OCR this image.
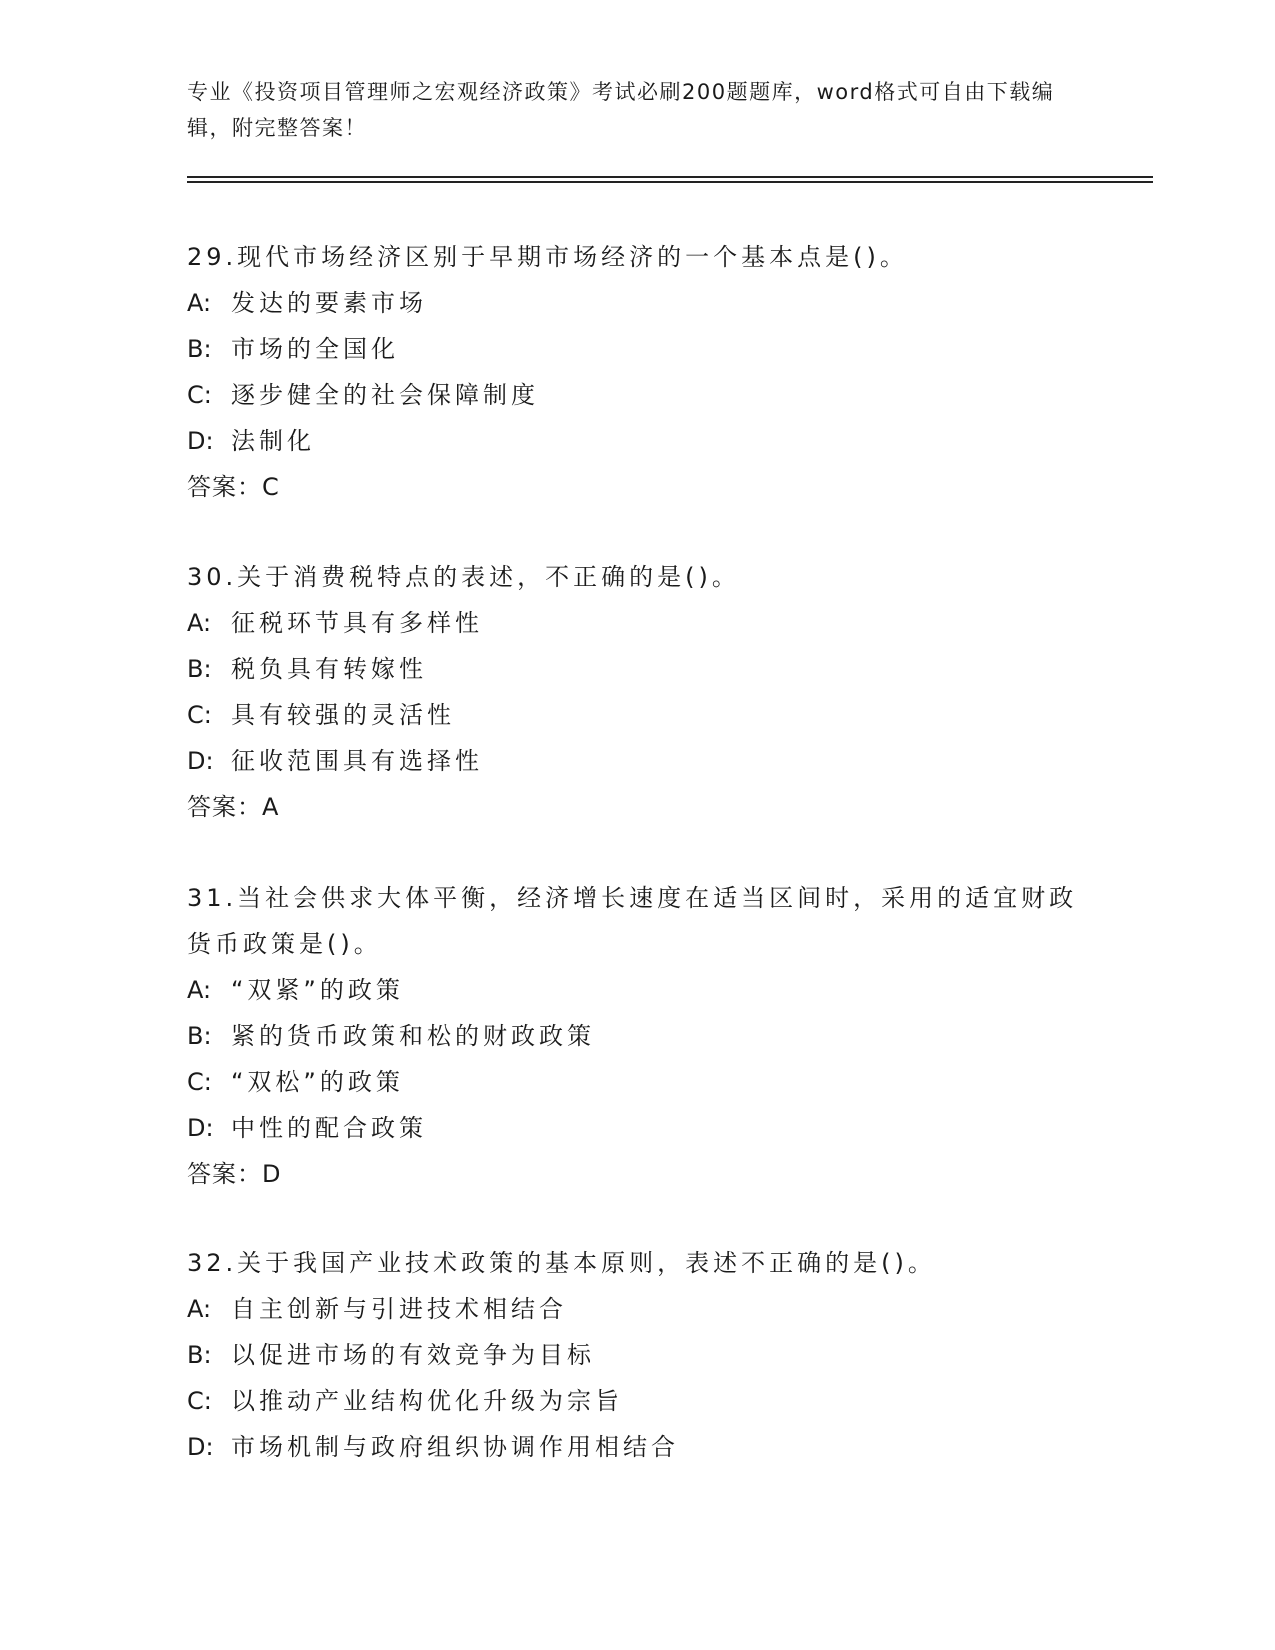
专业《投资项目管理师之宏观经济政策》考试必刷200题题库，word格式可自由下载编辑，附完整答案！

29.现代市场经济区别于早期市场经济的一个基本点是()。

A: 发达的要素市场

B: 市场的全国化

C: 逐步健全的社会保障制度

D: 法制化

答案：C

30.关于消费税特点的表述，不正确的是()。

A: 征税环节具有多样性

B: 税负具有转嫁性

C: 具有较强的灵活性

D: 征收范围具有选择性

答案：A

31.当社会供求大体平衡，经济增长速度在适当区间时，采用的适宜财政货币政策是()。

A: “双紧”的政策

B: 紧的货币政策和松的财政政策

C: “双松”的政策

D: 中性的配合政策

答案：D

32.关于我国产业技术政策的基本原则，表述不正确的是()。

A: 自主创新与引进技术相结合

B: 以促进市场的有效竞争为目标

C: 以推动产业结构优化升级为宗旨

D: 市场机制与政府组织协调作用相结合
